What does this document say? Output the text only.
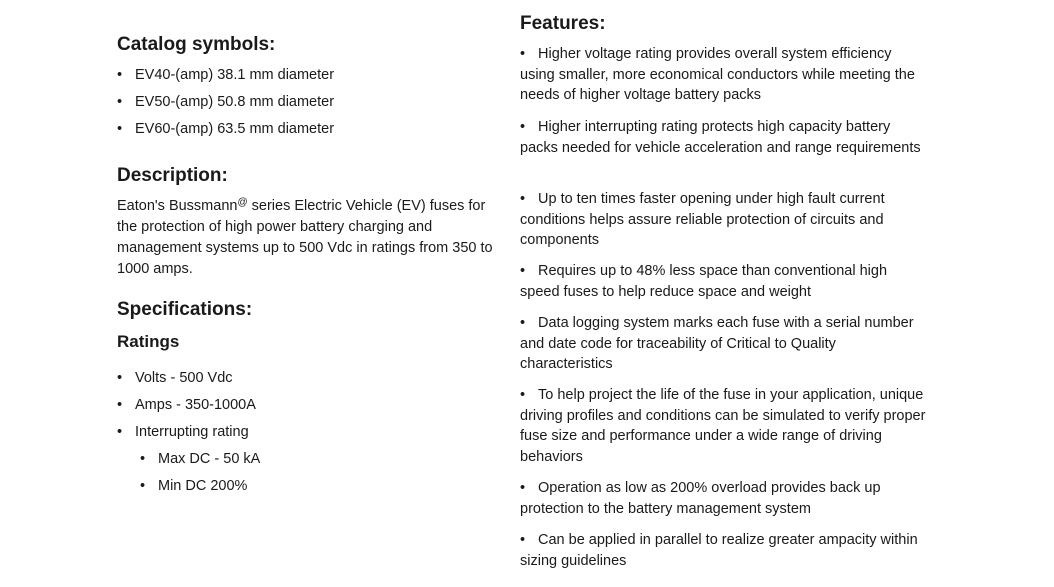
Catalog symbols:
• EV40-(amp) 38.1 mm diameter
• EV50-(amp) 50.8 mm diameter
• EV60-(amp) 63.5 mm diameter
Description:
Eaton's Bussmann@ series Electric Vehicle (EV) fuses for the protection of high power battery charging and management systems up to 500 Vdc in ratings from 350 to 1000 amps.
Specifications:
Ratings
• Volts - 500 Vdc
• Amps - 350-1000A
• Interrupting rating
• Max DC - 50 kA
• Min DC 200%
Features:
• Higher voltage rating provides overall system efficiency using smaller, more economical conductors while meeting the needs of higher voltage battery packs
• Higher interrupting rating protects high capacity battery packs needed for vehicle acceleration and range requirements
• Up to ten times faster opening under high fault current conditions helps assure reliable protection of circuits and components
• Requires up to 48% less space than conventional high speed fuses to help reduce space and weight
• Data logging system marks each fuse with a serial number and date code for traceability of Critical to Quality characteristics
• To help project the life of the fuse in your application, unique driving profiles and conditions can be simulated to verify proper fuse size and performance under a wide range of driving behaviors
• Operation as low as 200% overload provides back up protection to the battery management system
• Can be applied in parallel to realize greater ampacity within sizing guidelines
